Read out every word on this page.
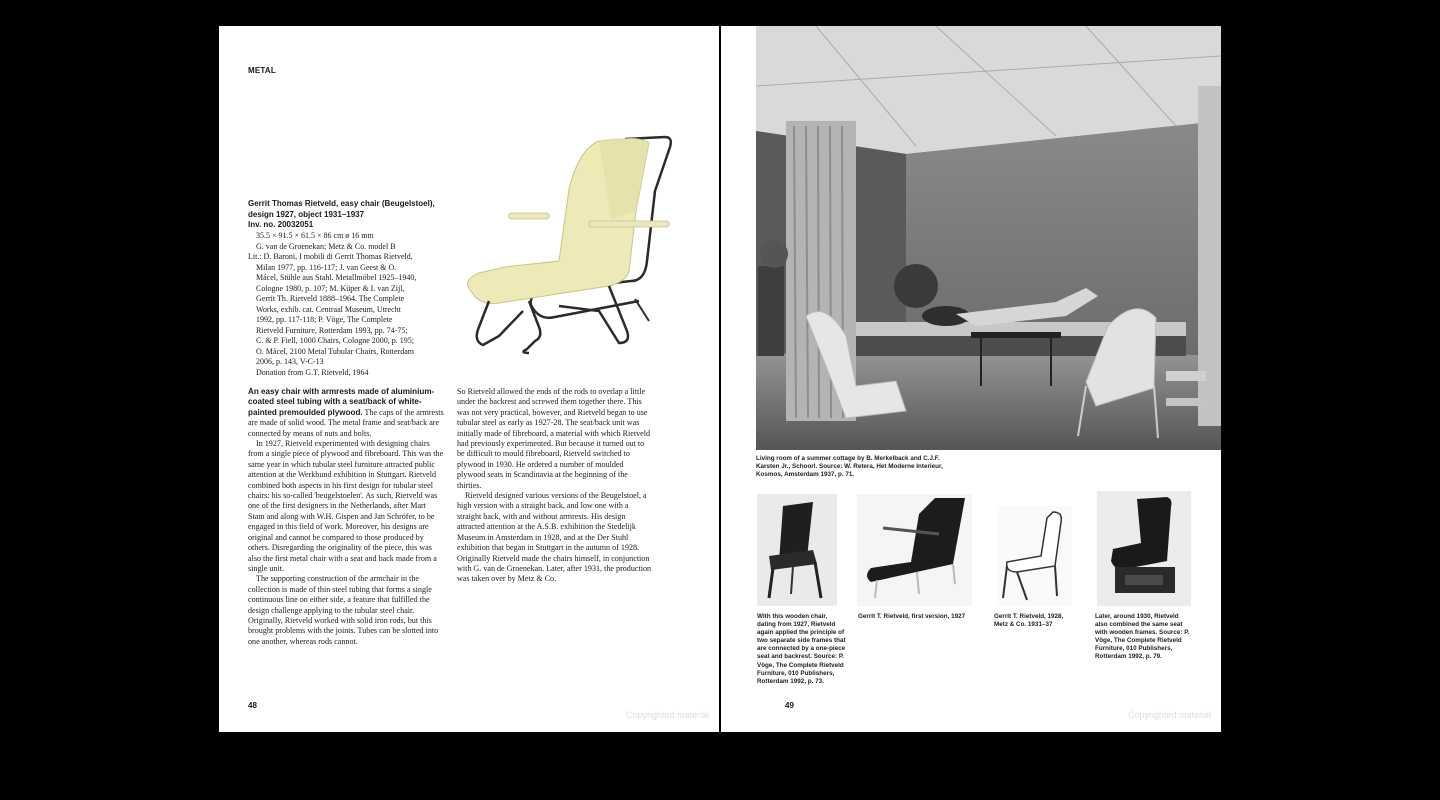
METAL
Gerrit Thomas Rietveld, easy chair (Beugelstoel),
design 1927, object 1931–1937
Inv. no. 20032051

35.5 × 91.5 × 61.5 × 86 cm ø 16 mm

G. van de Groenekan; Metz & Co. model B

Lit.: D. Baroni, I mobili di Gerrit Thomas Rietveld,

Milan 1977, pp. 116-117; J. van Geest & O.

Mácel, Stühle aus Stahl. Metallmöbel 1925–1940,

Cologne 1980, p. 107; M. Küper & I. van Zijl,

Gerrit Th. Rietveld 1888–1964. The Complete

Works, exhib. cat. Centraal Museum, Utrecht

1992, pp. 117-118; P. Vöge, The Complete

Rietveld Furniture, Rotterdam 1993, pp. 74-75;

C. & P. Fiell, 1000 Chairs, Cologne 2000, p. 195;

O. Mácel, 2100 Metal Tubular Chairs, Rotterdam

2006, p. 143, V-C-13

Donation from G.T. Rietveld, 1964

An easy chair with armrests made of aluminium-coated steel tubing with a seat/back of white-painted premoulded plywood. The caps of the armrests are made of solid wood. The metal frame and seat/back are connected by means of nuts and bolts.

In 1927, Rietveld experimented with designing chairs from a single piece of plywood and fibreboard. This was the same year in which tubular steel furniture attracted public attention at the Werkbund exhibition in Stuttgart. Rietveld combined both aspects in his first design for tubular steel chairs: his so-called 'beugelstoelen'. As such, Rietveld was one of the first designers in the Netherlands, after Mart Stam and along with W.H. Gispen and Jan Schröfer, to be engaged in this field of work. Moreover, his designs are original and cannot be compared to those produced by others. Disregarding the originality of the piece, this was also the first metal chair with a seat and back made from a single unit.

The supporting construction of the armchair in the collection is made of thin steel tubing that forms a single continuous line on either side, a feature that fulfilled the design challenge applying to the tubular steel chair. Originally, Rietveld worked with solid iron rods, but this brought problems with the joints. Tubes can be slotted into one another, whereas rods cannot.

So Rietveld allowed the ends of the rods to overlap a little under the backrest and screwed them together there. This was not very practical, however, and Rietveld began to use tubular steel as early as 1927-28. The seat/back unit was initially made of fibreboard, a material with which Rietveld had previously experimented. But because it turned out to be difficult to mould fibreboard, Rietveld switched to plywood in 1930. He ordered a number of moulded plywood seats in Scandinavia at the beginning of the thirties.

Rietveld designed various versions of the Beugelstoel, a high version with a straight back, and low one with a straight back, with and without armrests. His design attracted attention at the A.S.B. exhibition the Stedelijk Museum in Amsterdam in 1928, and at the Der Stuhl exhibition that began in Stuttgart in the autumn of 1928. Originally Rietveld made the chairs himself, in conjunction with G. van de Groenekan. Later, after 1931, the production was taken over by Metz & Co.

48
Copyrighted material
Living room of a summer cottage by B. Merkelback and C.J.F. Karsten Jr., Schoorl. Source: W. Retera, Het Moderne Interieur, Kosmos, Amsterdam 1937, p. 71.
With this wooden chair, dating from 1927, Rietveld again applied the principle of two separate side frames that are connected by a one-piece seat and backrest. Source: P. Vöge, The Complete Rietveld Furniture, 010 Publishers, Rotterdam 1992, p. 73.
Gerrit T. Rietveld, first version, 1927	Gerrit T. Rietveld, 1928, Metz & Co. 1931–37
Later, around 1930, Rietveld also combined the same seat with wooden frames. Source: P. Vöge, The Complete Rietveld Furniture, 010 Publishers, Rotterdam 1992, p. 79.
49
Copyrighted material
